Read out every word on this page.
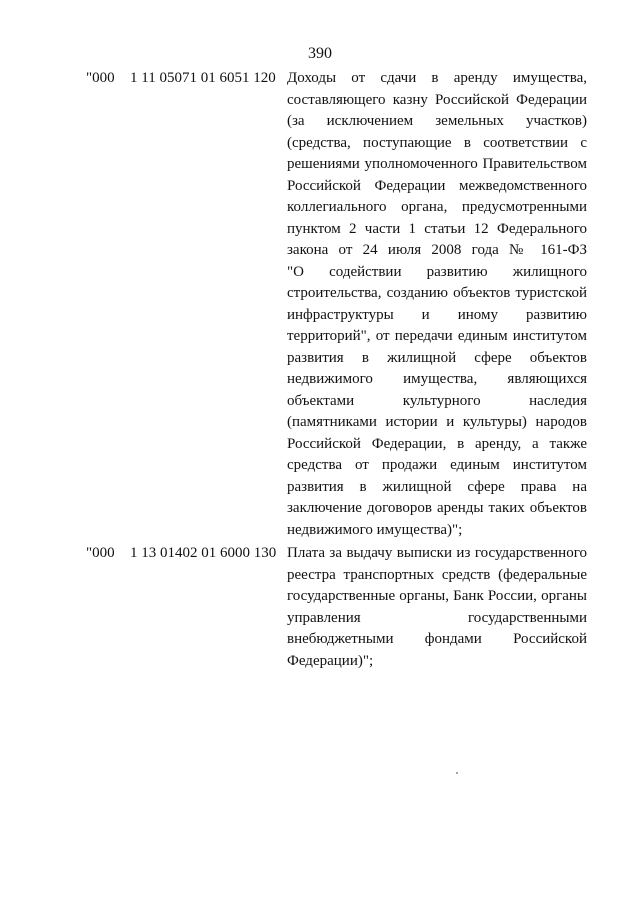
390
"000 1 11 05071 01 6051 120 Доходы от сдачи в аренду имущества,
составляющего казну Российской Федерации
(за исключением земельных участков)
(средства, поступающие в соответствии с
решениями уполномоченного Правительством
Российской Федерации межведомственного
коллегиального органа, предусмотренными
пунктом 2 части 1 статьи 12 Федерального
закона от 24 июля 2008 года № 161-ФЗ
"О содействии развитию жилищного
строительства, созданию объектов туристской
инфраструктуры и иному развитию
территорий", от передачи единым институтом
развития в жилищной сфере объектов
недвижимого имущества, являющихся
объектами культурного наследия
(памятниками истории и культуры) народов
Российской Федерации, в аренду, а также
средства от продажи единым институтом
развития в жилищной сфере права на
заключение договоров аренды таких объектов
недвижимого имущества)";
"000 1 13 01402 01 6000 130 Плата за выдачу выписки из государственного
реестра транспортных средств (федеральные
государственные органы, Банк России, органы
управления государственными
внебюджетными фондами Российской
Федерации)";
